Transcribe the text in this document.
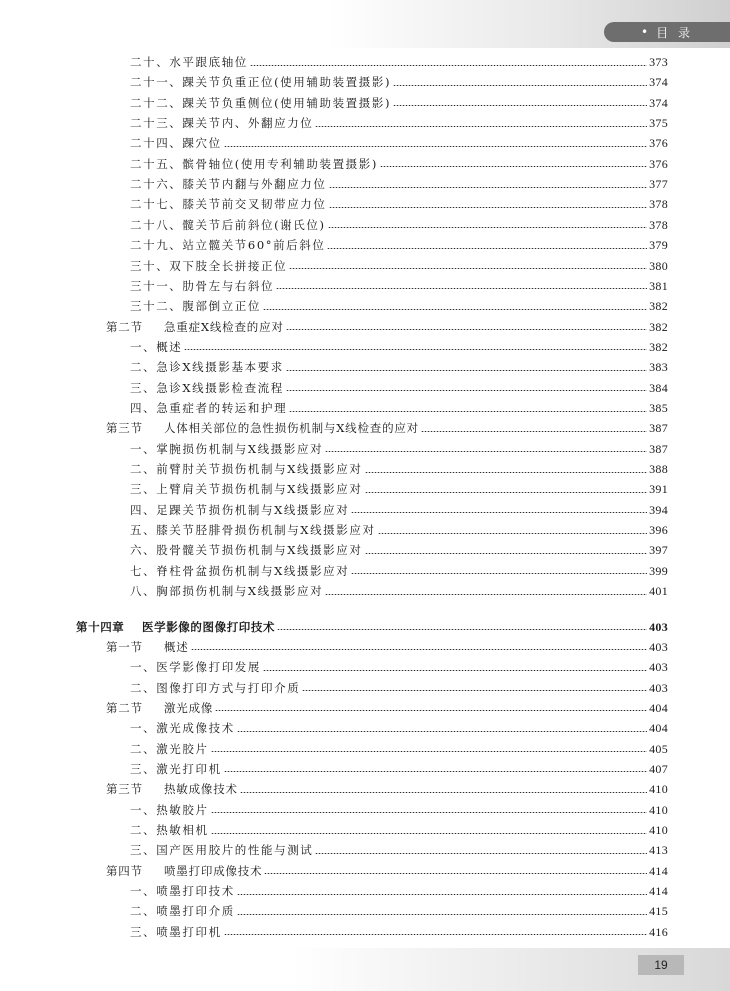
• 目 录
二十、水平跟底轴位	373
二十一、踝关节负重正位(使用辅助装置摄影)	374
二十二、踝关节负重侧位(使用辅助装置摄影)	374
二十三、踝关节内、外翻应力位	375
二十四、踝穴位	376
二十五、髌骨轴位(使用专利辅助装置摄影)	376
二十六、膝关节内翻与外翻应力位	377
二十七、膝关节前交叉韧带应力位	378
二十八、髋关节后前斜位(谢氏位)	378
二十九、站立髋关节60°前后斜位	379
三十、双下肢全长拼接正位	380
三十一、肋骨左与右斜位	381
三十二、腹部倒立正位	382
第二节 急重症X线检查的应对	382
一、概述	382
二、急诊X线摄影基本要求	383
三、急诊X线摄影检查流程	384
四、急重症者的转运和护理	385
第三节 人体相关部位的急性损伤机制与X线检查的应对	387
一、掌腕损伤机制与X线摄影应对	387
二、前臂肘关节损伤机制与X线摄影应对	388
三、上臂肩关节损伤机制与X线摄影应对	391
四、足踝关节损伤机制与X线摄影应对	394
五、膝关节胫腓骨损伤机制与X线摄影应对	396
六、股骨髋关节损伤机制与X线摄影应对	397
七、脊柱骨盆损伤机制与X线摄影应对	399
八、胸部损伤机制与X线摄影应对	401
第十四章 医学影像的图像打印技术	403
第一节 概述	403
一、医学影像打印发展	403
二、图像打印方式与打印介质	403
第二节 激光成像	404
一、激光成像技术	404
二、激光胶片	405
三、激光打印机	407
第三节 热敏成像技术	410
一、热敏胶片	410
二、热敏相机	410
三、国产医用胶片的性能与测试	413
第四节 喷墨打印成像技术	414
一、喷墨打印技术	414
二、喷墨打印介质	415
三、喷墨打印机	416
19
